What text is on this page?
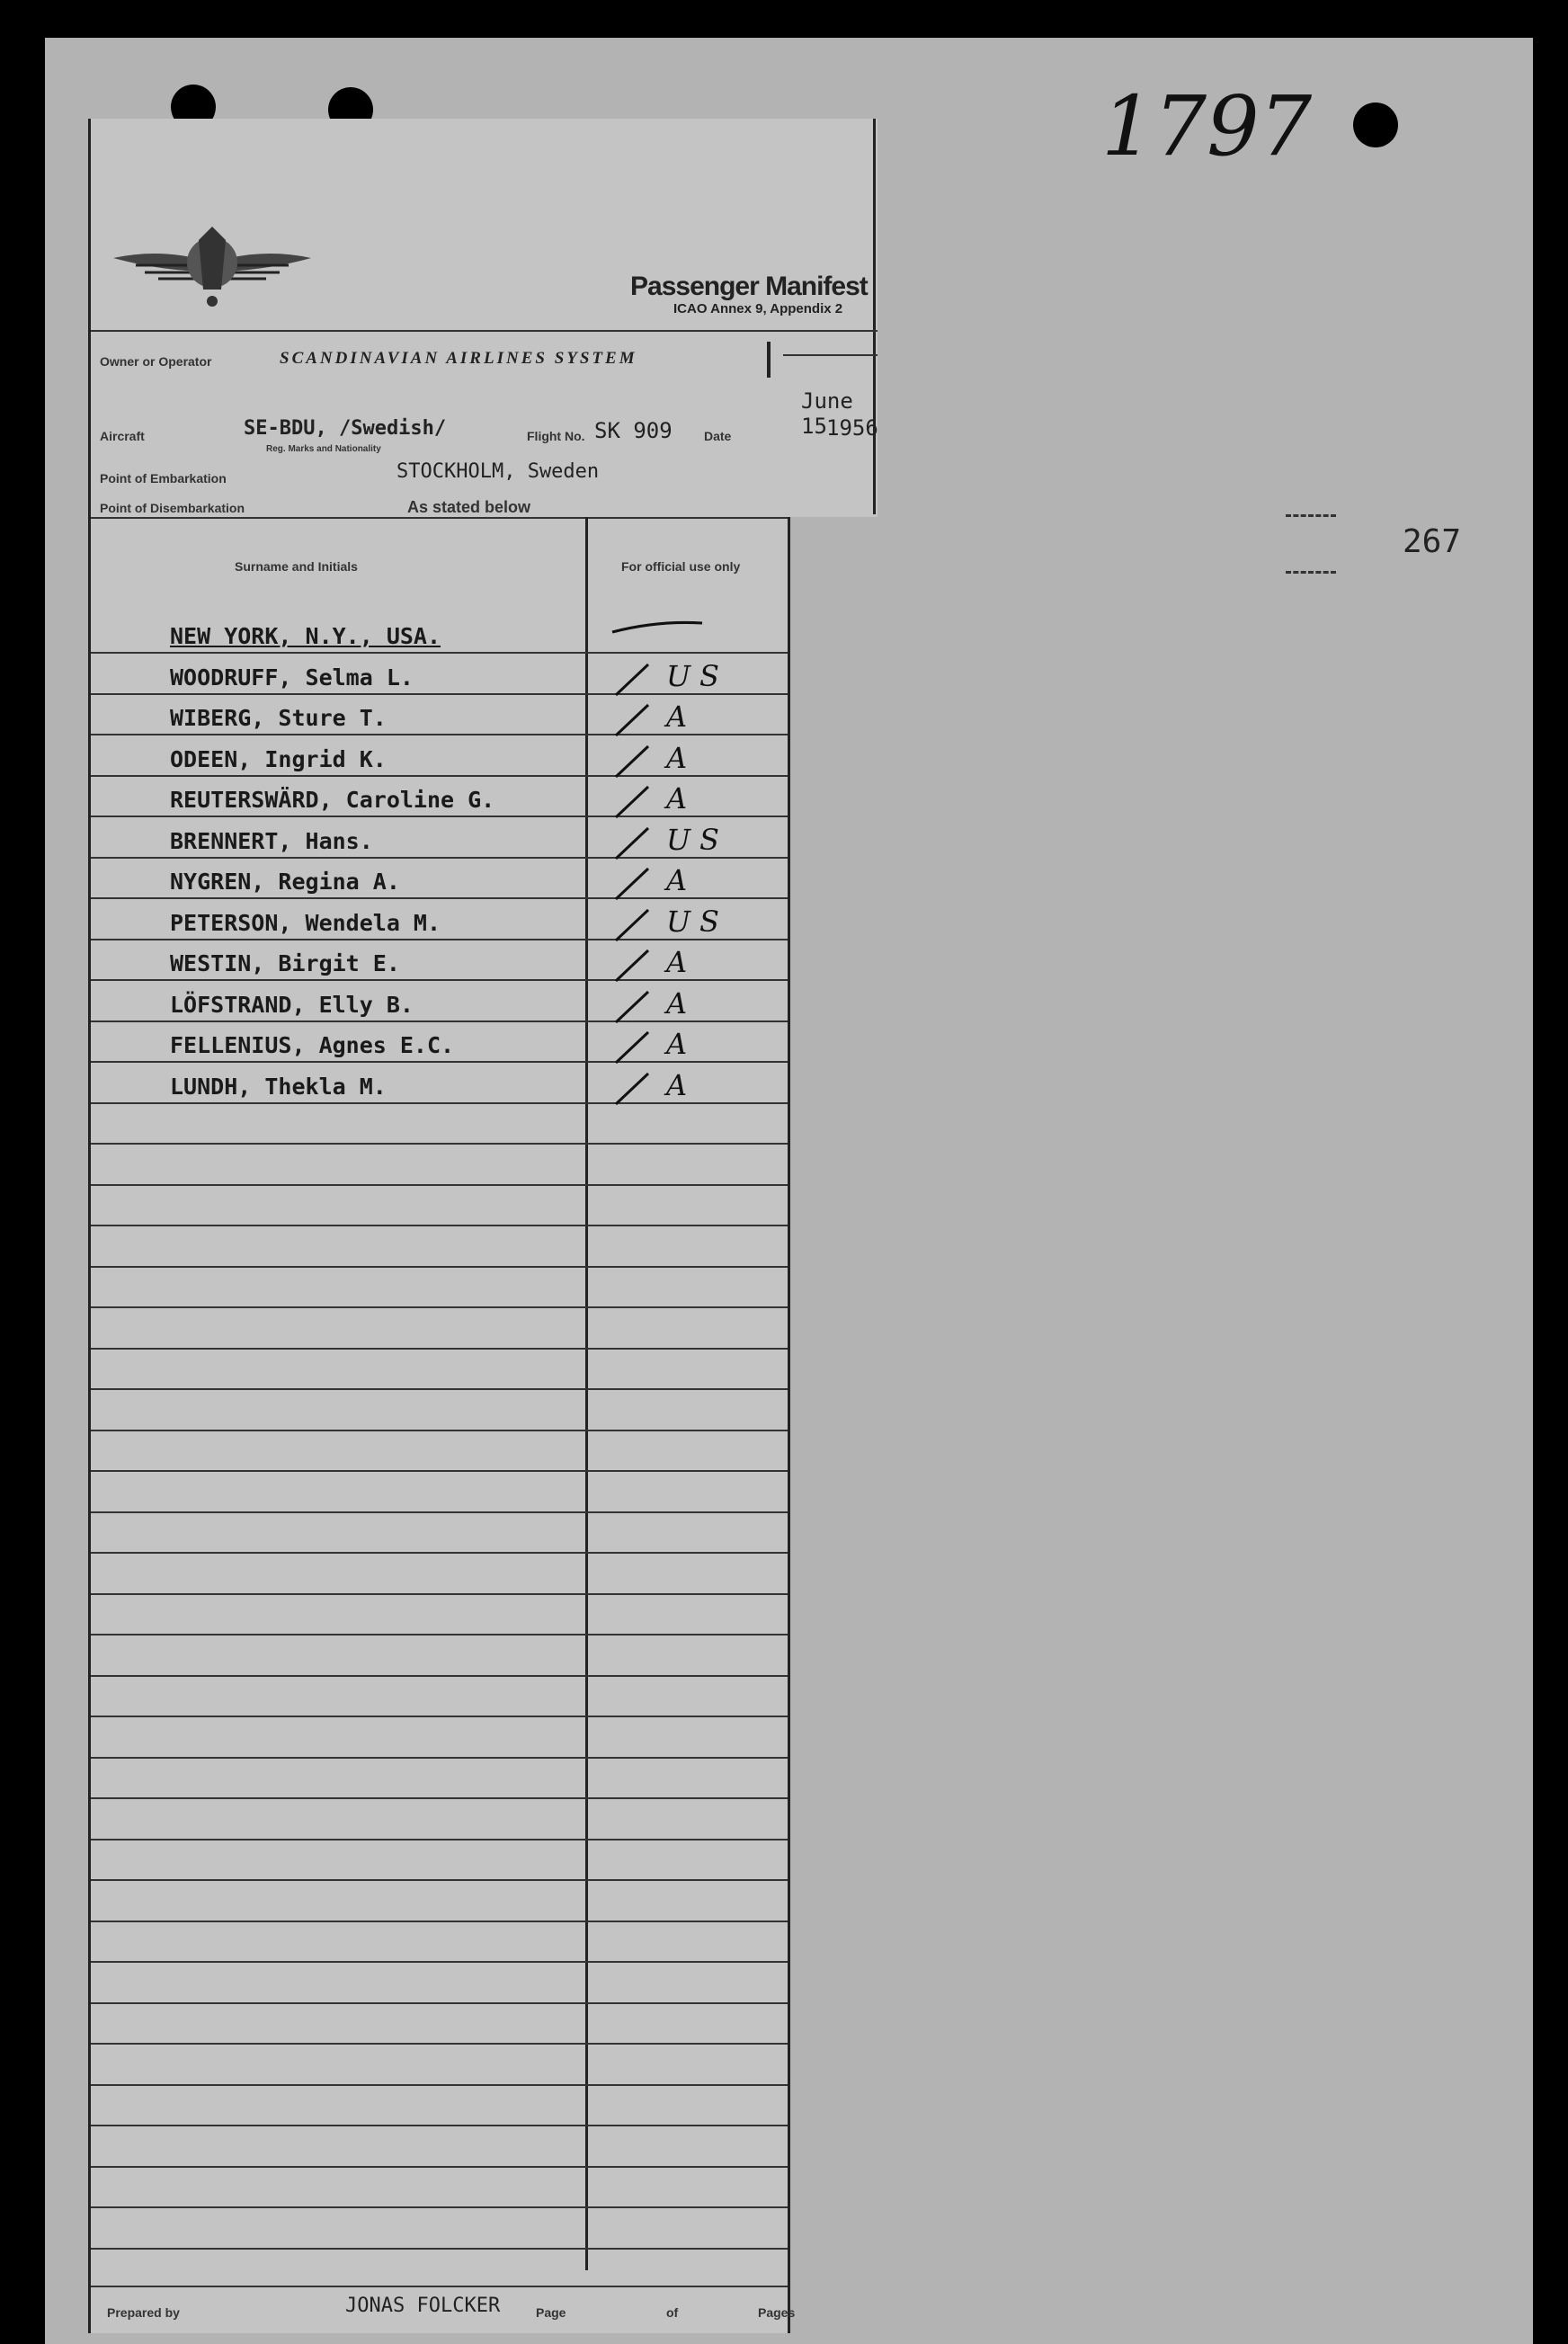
1797
267
Passenger Manifest
ICAO Annex 9, Appendix 2
Owner or Operator	SCANDINAVIAN AIRLINES SYSTEM
Aircraft	SE-BDU, /Swedish/
Reg. Marks and Nationality
Flight No. SK 909	Date
June 15 1956
Point of Embarkation	STOCKHOLM, Sweden
Point of Disembarkation	As stated below
Surname and Initials	For official use only
NEW YORK, N.Y., USA.
WOODRUFF, Selma L.	US
WIBERG, Sture T.	A
ODEEN, Ingrid K.	A
REUTERSWÄRD, Caroline G.	A
BRENNERT, Hans.	US
NYGREN, Regina A.	A
PETERSON, Wendela M.	US
WESTIN, Birgit E.	A
LÖFSTRAND, Elly B.	A
FELLENIUS, Agnes E.C.	A
LUNDH, Thekla M.	A
Prepared by	JONAS FOLCKER	Page	of	Pages
